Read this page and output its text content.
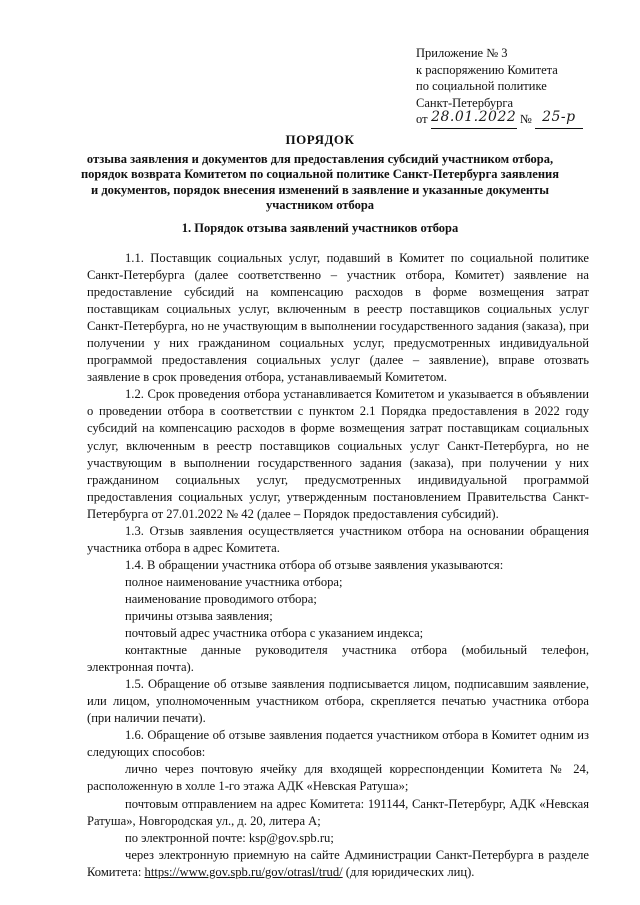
Приложение № 3
к распоряжению Комитета
по социальной политике
Санкт-Петербурга
от 28.01.2022 № 25-р
ПОРЯДОК
отзыва заявления и документов для предоставления субсидий участником отбора,
порядок возврата Комитетом по социальной политике Санкт-Петербурга заявления
и документов, порядок внесения изменений в заявление и указанные документы
участником отбора
1. Порядок отзыва заявлений участников отбора

1.1. Поставщик социальных услуг, подавший в Комитет по социальной политике Санкт-Петербурга (далее соответственно – участник отбора, Комитет) заявление на предоставление субсидий на компенсацию расходов в форме возмещения затрат поставщикам социальных услуг, включенным в реестр поставщиков социальных услуг Санкт-Петербурга, но не участвующим в выполнении государственного задания (заказа), при получении у них гражданином социальных услуг, предусмотренных индивидуальной программой предоставления социальных услуг (далее – заявление), вправе отозвать заявление в срок проведения отбора, устанавливаемый Комитетом.

1.2. Срок проведения отбора устанавливается Комитетом и указывается в объявлении о проведении отбора в соответствии с пунктом 2.1 Порядка предоставления в 2022 году субсидий на компенсацию расходов в форме возмещения затрат поставщикам социальных услуг, включенным в реестр поставщиков социальных услуг Санкт-Петербурга, но не участвующим в выполнении государственного задания (заказа), при получении у них гражданином социальных услуг, предусмотренных индивидуальной программой предоставления социальных услуг, утвержденным постановлением Правительства Санкт-Петербурга от 27.01.2022 № 42 (далее – Порядок предоставления субсидий).

1.3. Отзыв заявления осуществляется участником отбора на основании обращения участника отбора в адрес Комитета.

1.4. В обращении участника отбора об отзыве заявления указываются:

полное наименование участника отбора;

наименование проводимого отбора;

причины отзыва заявления;

почтовый адрес участника отбора с указанием индекса;

контактные данные руководителя участника отбора (мобильный телефон, электронная почта).

1.5. Обращение об отзыве заявления подписывается лицом, подписавшим заявление, или лицом, уполномоченным участником отбора, скрепляется печатью участника отбора (при наличии печати).

1.6. Обращение об отзыве заявления подается участником отбора в Комитет одним из следующих способов:

лично через почтовую ячейку для входящей корреспонденции Комитета № 24, расположенную в холле 1-го этажа АДК «Невская Ратуша»;

почтовым отправлением на адрес Комитета: 191144, Санкт-Петербург, АДК «Невская Ратуша», Новгородская ул., д. 20, литера А;

по электронной почте: ksp@gov.spb.ru;

через электронную приемную на сайте Администрации Санкт-Петербурга в разделе Комитета: https://www.gov.spb.ru/gov/otrasl/trud/ (для юридических лиц).
